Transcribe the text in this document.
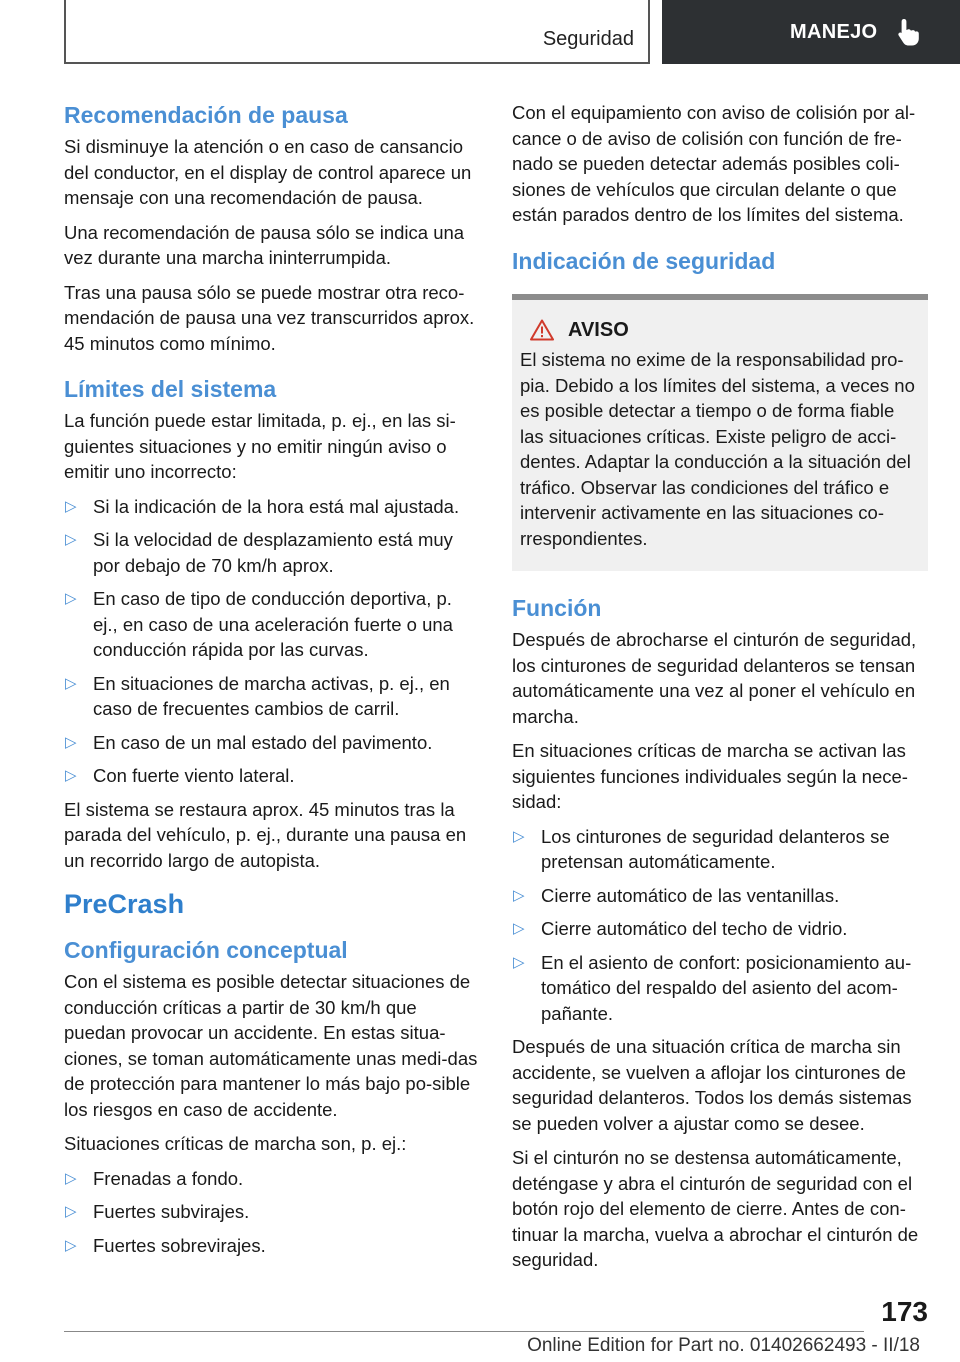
Seguridad	MANEJO
Recomendación de pausa

Si disminuye la atención o en caso de cansancio del conductor, en el display de control aparece un mensaje con una recomendación de pausa.

Una recomendación de pausa sólo se indica una vez durante una marcha ininterrumpida.

Tras una pausa sólo se puede mostrar otra reco‐mendación de pausa una vez transcurridos aprox. 45 minutos como mínimo.

Límites del sistema

La función puede estar limitada, p. ej., en las si‐guientes situaciones y no emitir ningún aviso o emitir uno incorrecto:

▷ Si la indicación de la hora está mal ajustada.
▷ Si la velocidad de desplazamiento está muy por debajo de 70 km/h aprox.
▷ En caso de tipo de conducción deportiva, p. ej., en caso de una aceleración fuerte o una conducción rápida por las curvas.
▷ En situaciones de marcha activas, p. ej., en caso de frecuentes cambios de carril.
▷ En caso de un mal estado del pavimento.
▷ Con fuerte viento lateral.

El sistema se restaura aprox. 45 minutos tras la parada del vehículo, p. ej., durante una pausa en un recorrido largo de autopista.

PreCrash
Configuración conceptual

Con el sistema es posible detectar situaciones de conducción críticas a partir de 30 km/h que puedan provocar un accidente. En estas situa‐ciones, se toman automáticamente unas medi‐das de protección para mantener lo más bajo po‐sible los riesgos en caso de accidente.

Situaciones críticas de marcha son, p. ej.:

▷ Frenadas a fondo.
▷ Fuertes subvirajes.
▷ Fuertes sobrevirajes.

Con el equipamiento con aviso de colisión por al‐cance o de aviso de colisión con función de fre‐nado se pueden detectar además posibles coli‐siones de vehículos que circulan delante o que están parados dentro de los límites del sistema.

Indicación de seguridad
AVISO

El sistema no exime de la responsabilidad pro‐pia. Debido a los límites del sistema, a veces no es posible detectar a tiempo o de forma fiable las situaciones críticas. Existe peligro de acci‐dentes. Adaptar la conducción a la situación del tráfico. Observar las condiciones del tráfico e intervenir activamente en las situaciones co‐rrespondientes.

Función

Después de abrocharse el cinturón de seguridad, los cinturones de seguridad delanteros se tensan automáticamente una vez al poner el vehículo en marcha.

En situaciones críticas de marcha se activan las siguientes funciones individuales según la nece‐sidad:

▷ Los cinturones de seguridad delanteros se pretensan automáticamente.
▷ Cierre automático de las ventanillas.
▷ Cierre automático del techo de vidrio.
▷ En el asiento de confort: posicionamiento au‐tomático del respaldo del asiento del acom‐pañante.

Después de una situación crítica de marcha sin accidente, se vuelven a aflojar los cinturones de seguridad delanteros. Todos los demás sistemas se pueden volver a ajustar como se desee.

Si el cinturón no se destensa automáticamente, deténgase y abra el cinturón de seguridad con el botón rojo del elemento de cierre. Antes de con‐tinuar la marcha, vuelva a abrochar el cinturón de seguridad.

173
Online Edition for Part no. 01402662493 - II/18
